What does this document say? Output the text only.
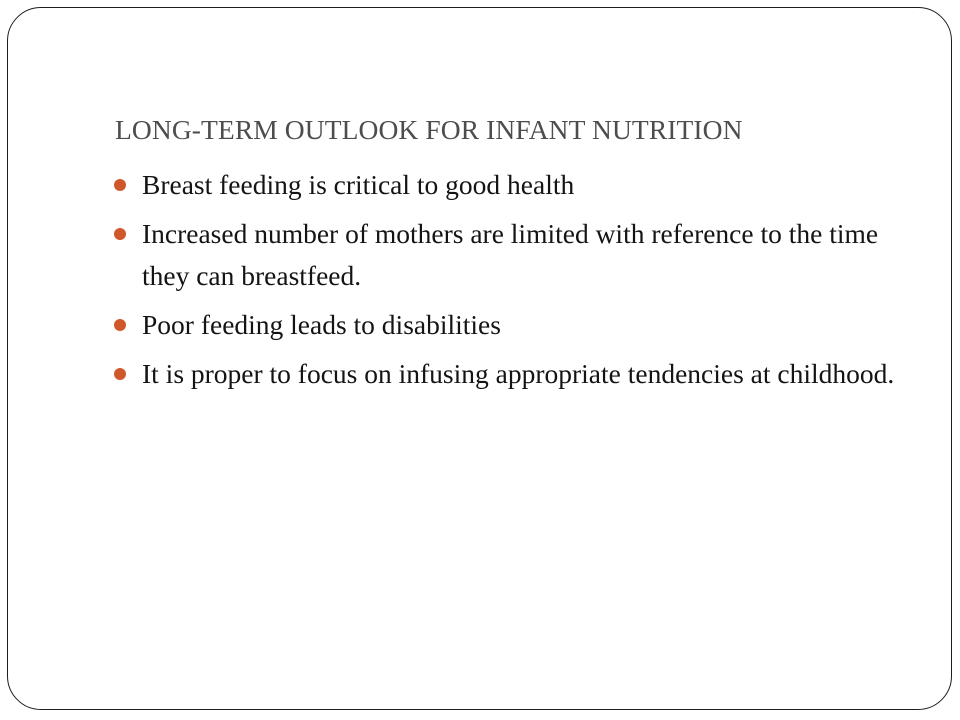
LONG-TERM OUTLOOK FOR INFANT NUTRITION
Breast feeding is critical to good health
Increased number of mothers are limited with reference to the time they can breastfeed.
Poor feeding leads to disabilities
It is proper to focus on infusing appropriate tendencies at childhood.
